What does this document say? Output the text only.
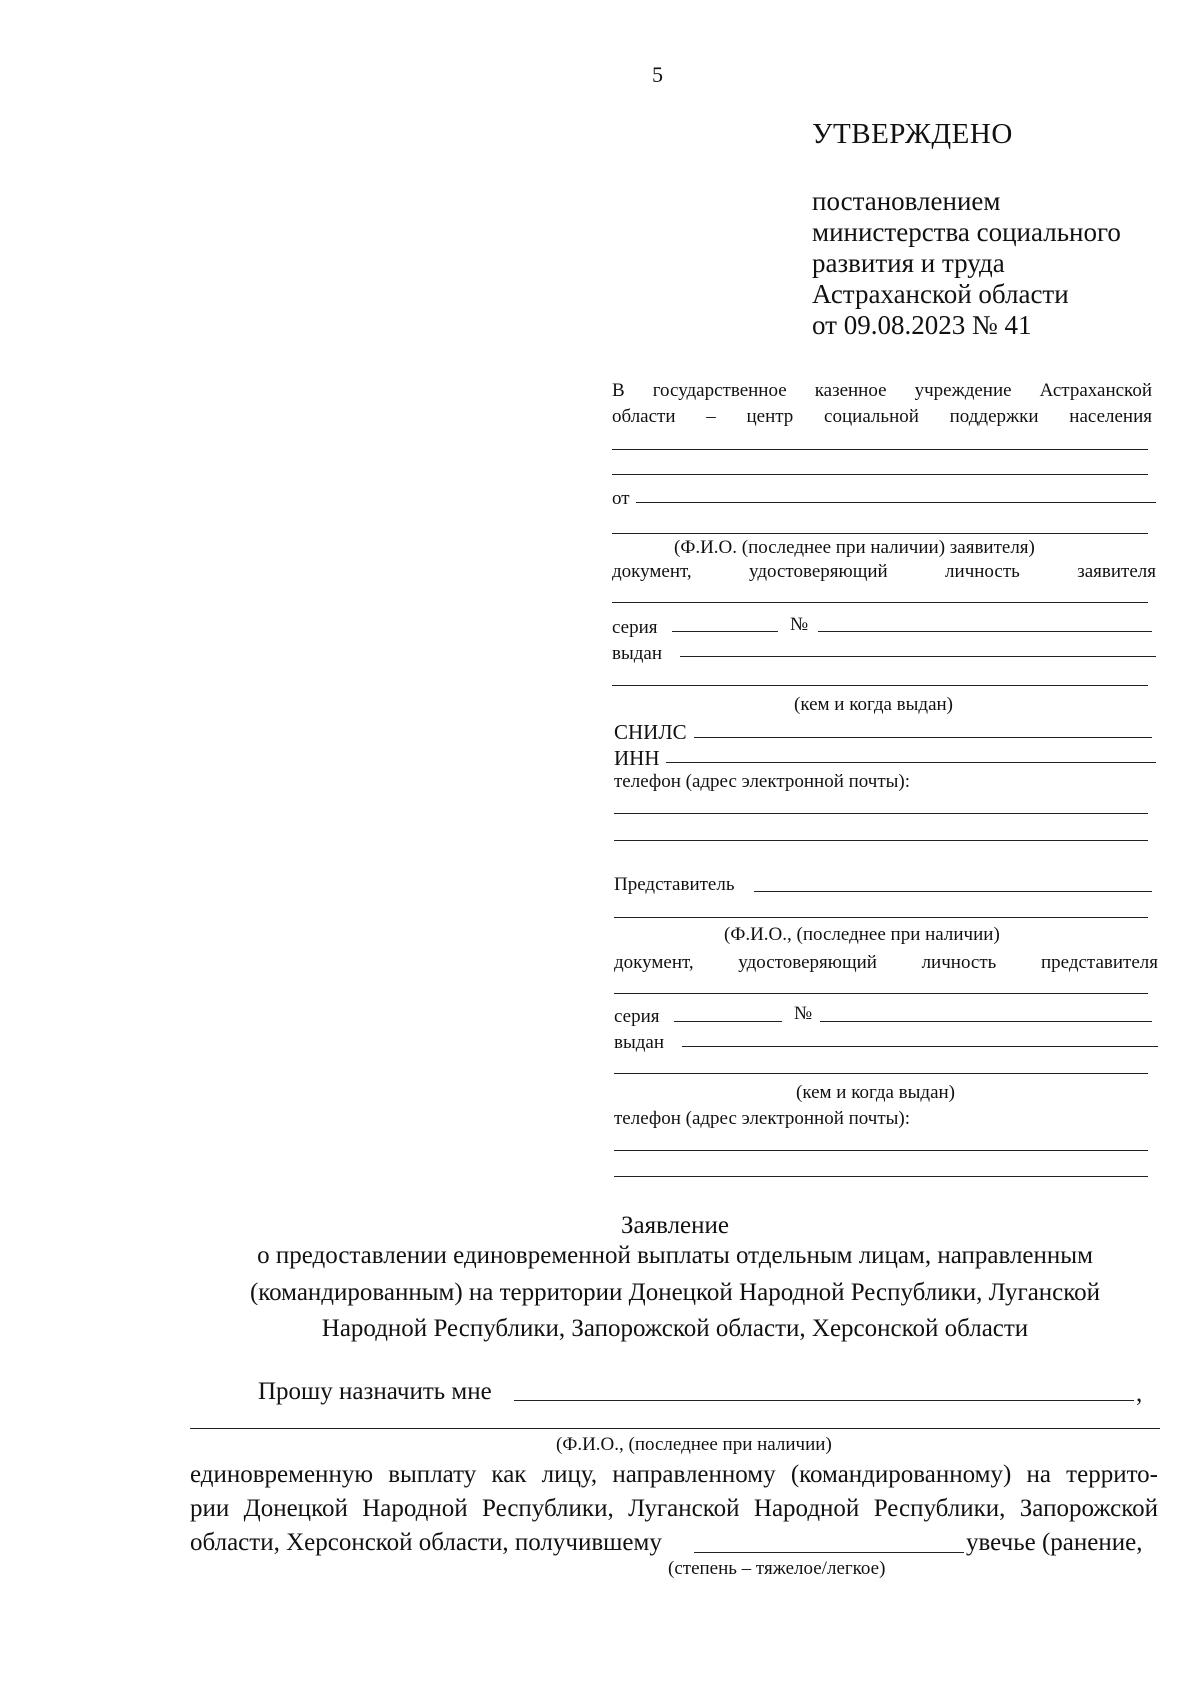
5
УТВЕРЖДЕНО
постановлением
министерства социального
развития и труда
Астраханской области
от 09.08.2023 № 41
В государственное казенное учреждение Астраханской
области – центр социальной поддержки населения
от
(Ф.И.О. (последнее при наличии) заявителя)
документ, удостоверяющий личность заявителя
серия	№
выдан
(кем и когда выдан)
СНИЛС
ИНН
телефон (адрес электронной почты):
Представитель
(Ф.И.О., (последнее при наличии)
документ, удостоверяющий личность представителя
серия	№
выдан
(кем и когда выдан)
телефон (адрес электронной почты):
Заявление
о предоставлении единовременной выплаты отдельным лицам, направленным
(командированным) на территории Донецкой Народной Республики, Луганской
Народной Республики, Запорожской области, Херсонской области
Прошу назначить мне	,
(Ф.И.О., (последнее при наличии)
единовременную выплату как лицу, направленному (командированному) на террито-
рии Донецкой Народной Республики, Луганской Народной Республики, Запорожской
области, Херсонской области, получившему	увечье (ранение,
(степень – тяжелое/легкое)
